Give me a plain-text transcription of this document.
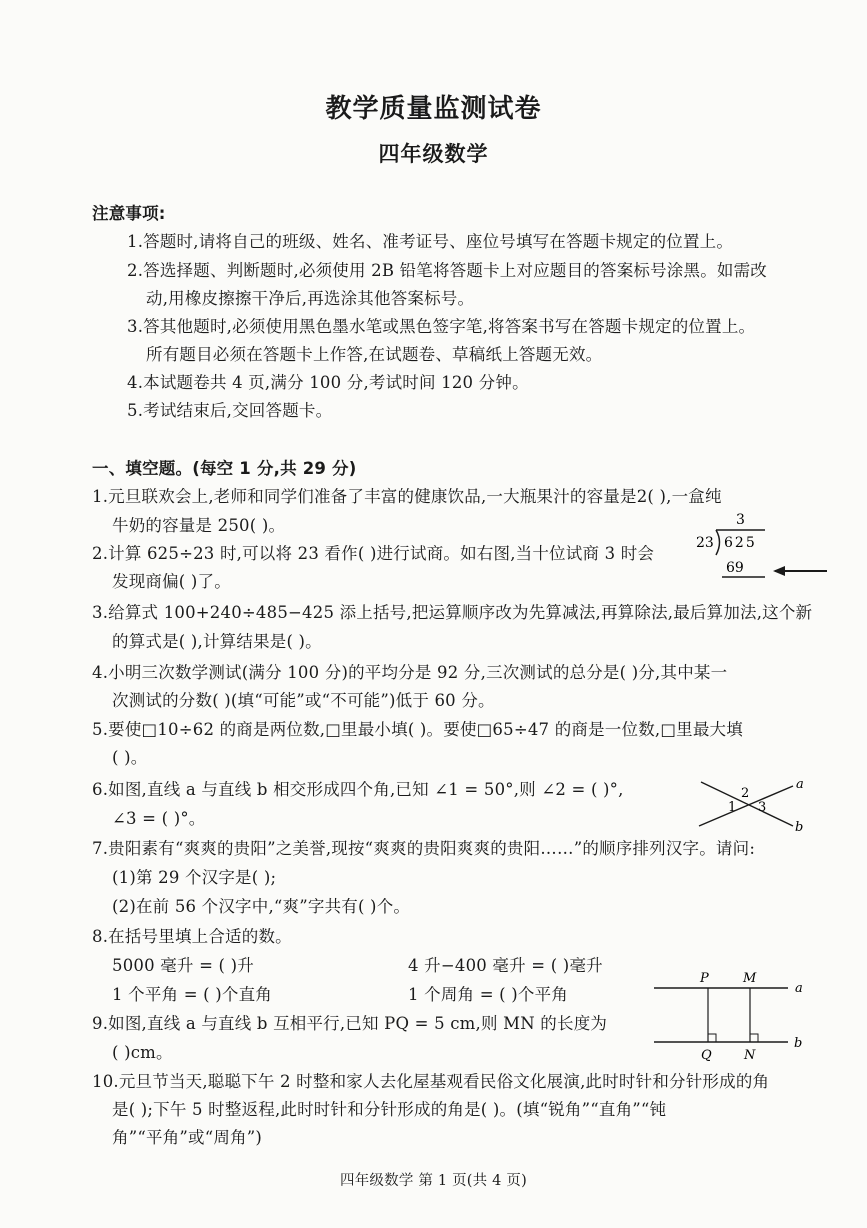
教学质量监测试卷
四年级数学
注意事项:
1.答题时,请将自己的班级、姓名、准考证号、座位号填写在答题卡规定的位置上。
2.答选择题、判断题时,必须使用 2B 铅笔将答题卡上对应题目的答案标号涂黑。如需改
动,用橡皮擦擦干净后,再选涂其他答案标号。
3.答其他题时,必须使用黑色墨水笔或黑色签字笔,将答案书写在答题卡规定的位置上。
所有题目必须在答题卡上作答,在试题卷、草稿纸上答题无效。
4.本试题卷共 4 页,满分 100 分,考试时间 120 分钟。
5.考试结束后,交回答题卡。
一、填空题。(每空 1 分,共 29 分)
1.元旦联欢会上,老师和同学们准备了丰富的健康饮品,一大瓶果汁的容量是2( ),一盒纯
牛奶的容量是 250( )。
2.计算 625÷23 时,可以将 23 看作( )进行试商。如右图,当十位试商 3 时会
发现商偏( )了。
3.给算式 100+240÷485−425 添上括号,把运算顺序改为先算减法,再算除法,最后算加法,这个新
的算式是( ),计算结果是( )。
4.小明三次数学测试(满分 100 分)的平均分是 92 分,三次测试的总分是( )分,其中某一
次测试的分数( )(填“可能”或“不可能”)低于 60 分。
5.要使□10÷62 的商是两位数,□里最小填( )。要使□65÷47 的商是一位数,□里最大填
( )。
6.如图,直线 a 与直线 b 相交形成四个角,已知 ∠1 = 50°,则 ∠2 = ( )°,
∠3 = ( )°。
7.贵阳素有“爽爽的贵阳”之美誉,现按“爽爽的贵阳爽爽的贵阳……”的顺序排列汉字。请问:
(1)第 29 个汉字是( );
(2)在前 56 个汉字中,“爽”字共有( )个。
8.在括号里填上合适的数。
5000 毫升 = ( )升	4 升−400 毫升 = ( )毫升
1 个平角 = ( )个直角	1 个周角 = ( )个平角
9.如图,直线 a 与直线 b 互相平行,已知 PQ = 5 cm,则 MN 的长度为
( )cm。
10.元旦节当天,聪聪下午 2 时整和家人去化屋基观看民俗文化展演,此时时针和分针形成的角
是( );下午 5 时整返程,此时时针和分针形成的角是( )。(填“锐角”“直角”“钝
角”“平角”或“周角”)
3
23 625
69
2
1 3
a
b
P	M
Q N
a
b
四年级数学 第 1 页(共 4 页)
